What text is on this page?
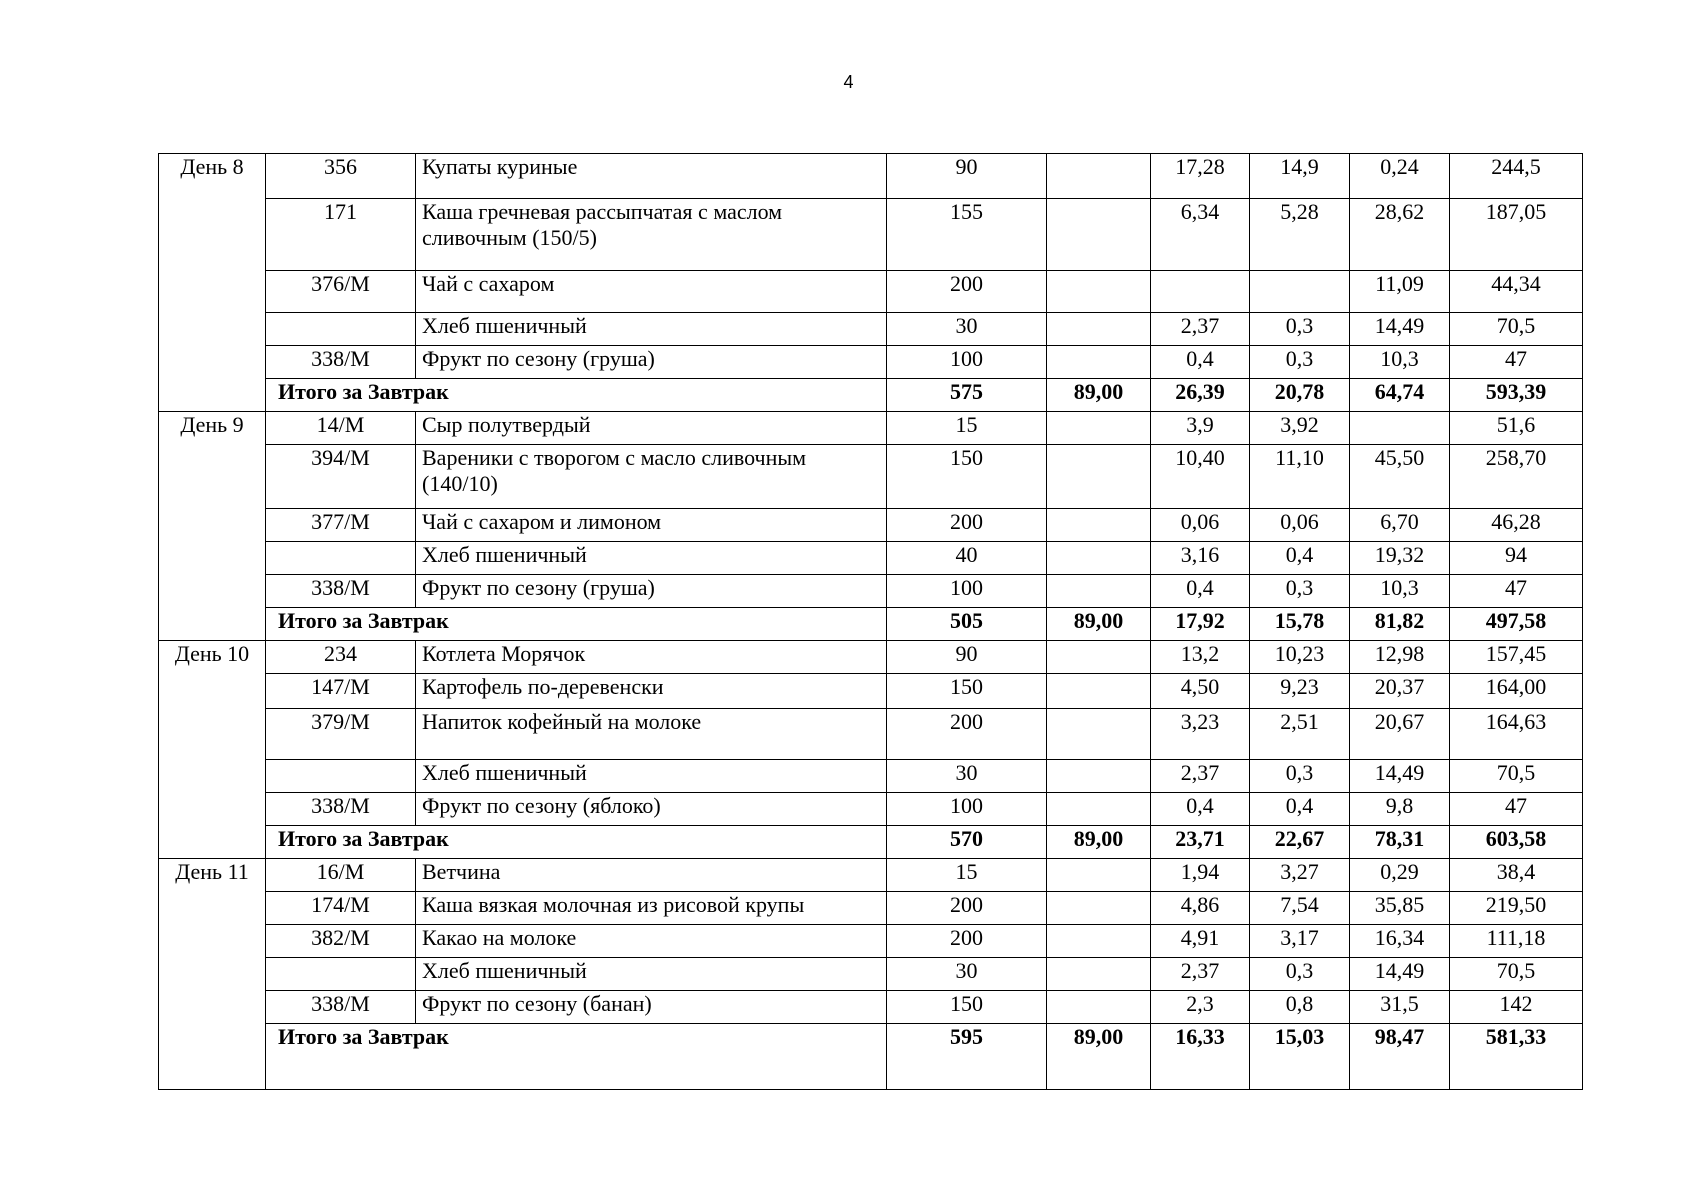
4
День 8	356	Купаты куриные	90		17,28	14,9	0,24	244,5
	171	Каша гречневая рассыпчатая с маслом сливочным (150/5)	155		6,34	5,28	28,62	187,05
	376/М	Чай с сахаром	200				11,09	44,34
		Хлеб пшеничный	30		2,37	0,3	14,49	70,5
	338/М	Фрукт по сезону (груша)	100		0,4	0,3	10,3	47
	Итого за Завтрак		575	89,00	26,39	20,78	64,74	593,39
День 9	14/М	Сыр полутвердый	15		3,9	3,92		51,6
	394/М	Вареники с творогом с масло сливочным (140/10)	150		10,40	11,10	45,50	258,70
	377/М	Чай с сахаром и лимоном	200		0,06	0,06	6,70	46,28
		Хлеб пшеничный	40		3,16	0,4	19,32	94
	338/М	Фрукт по сезону (груша)	100		0,4	0,3	10,3	47
	Итого за Завтрак		505	89,00	17,92	15,78	81,82	497,58
День 10	234	Котлета Морячок	90		13,2	10,23	12,98	157,45
	147/М	Картофель по-деревенски	150		4,50	9,23	20,37	164,00
	379/М	Напиток кофейный на молоке	200		3,23	2,51	20,67	164,63
		Хлеб пшеничный	30		2,37	0,3	14,49	70,5
	338/М	Фрукт по сезону (яблоко)	100		0,4	0,4	9,8	47
	Итого за Завтрак		570	89,00	23,71	22,67	78,31	603,58
День 11	16/М	Ветчина	15		1,94	3,27	0,29	38,4
	174/М	Каша вязкая молочная из рисовой крупы	200		4,86	7,54	35,85	219,50
	382/М	Какао на молоке	200		4,91	3,17	16,34	111,18
		Хлеб пшеничный	30		2,37	0,3	14,49	70,5
	338/М	Фрукт по сезону (банан)	150		2,3	0,8	31,5	142
	Итого за Завтрак		595	89,00	16,33	15,03	98,47	581,33
